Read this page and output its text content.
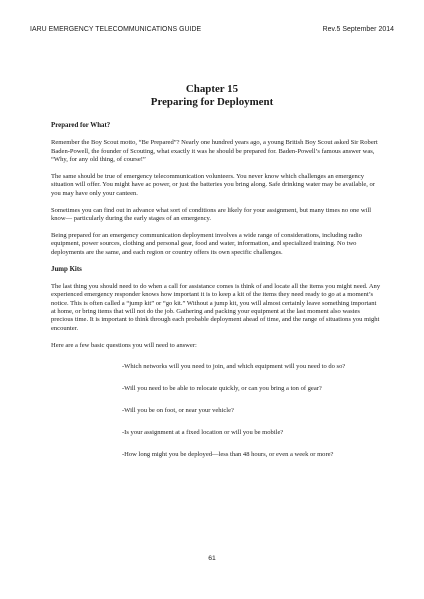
IARU EMERGENCY TELECOMMUNICATIONS GUIDE	Rev.5 September 2014
Chapter 15
Preparing for Deployment
Prepared for What?

Remember the Boy Scout motto, “Be Prepared”? Nearly one hundred years ago, a young British Boy Scout asked Sir Robert Baden-Powell, the founder of Scouting, what exactly it was he should be prepared for. Baden-Powell’s famous answer was, “Why, for any old thing, of course!”

The same should be true of emergency telecommunication volunteers. You never know which challenges an emergency situation will offer. You might have ac power, or just the batteries you bring along. Safe drinking water may be available, or you may have only your canteen.

Sometimes you can find out in advance what sort of conditions are likely for your assignment, but many times no one will know— particularly during the early stages of an emergency.

Being prepared for an emergency communication deployment involves a wide range of considerations, including radio equipment, power sources, clothing and personal gear, food and water, information, and specialized training. No two deployments are the same, and each region or country offers its own specific challenges.

Jump Kits

The last thing you should need to do when a call for assistance comes is think of and locate all the items you might need. Any experienced emergency responder knows how important it is to keep a kit of the items they need ready to go at a moment’s notice. This is often called a “jump kit” or “go kit.” Without a jump kit, you will almost certainly leave something important at home, or bring items that will not do the job. Gathering and packing your equipment at the last moment also wastes precious time. It is important to think through each probable deployment ahead of time, and the range of situations you might encounter.

Here are a few basic questions you will need to answer:

-Which networks will you need to join, and which equipment will you need to do so?
-Will you need to be able to relocate quickly, or can you bring a ton of gear?
-Will you be on foot, or near your vehicle?
-Is your assignment at a fixed location or will you be mobile?
-How long might you be deployed—less than 48 hours, or even a week or more?
61
